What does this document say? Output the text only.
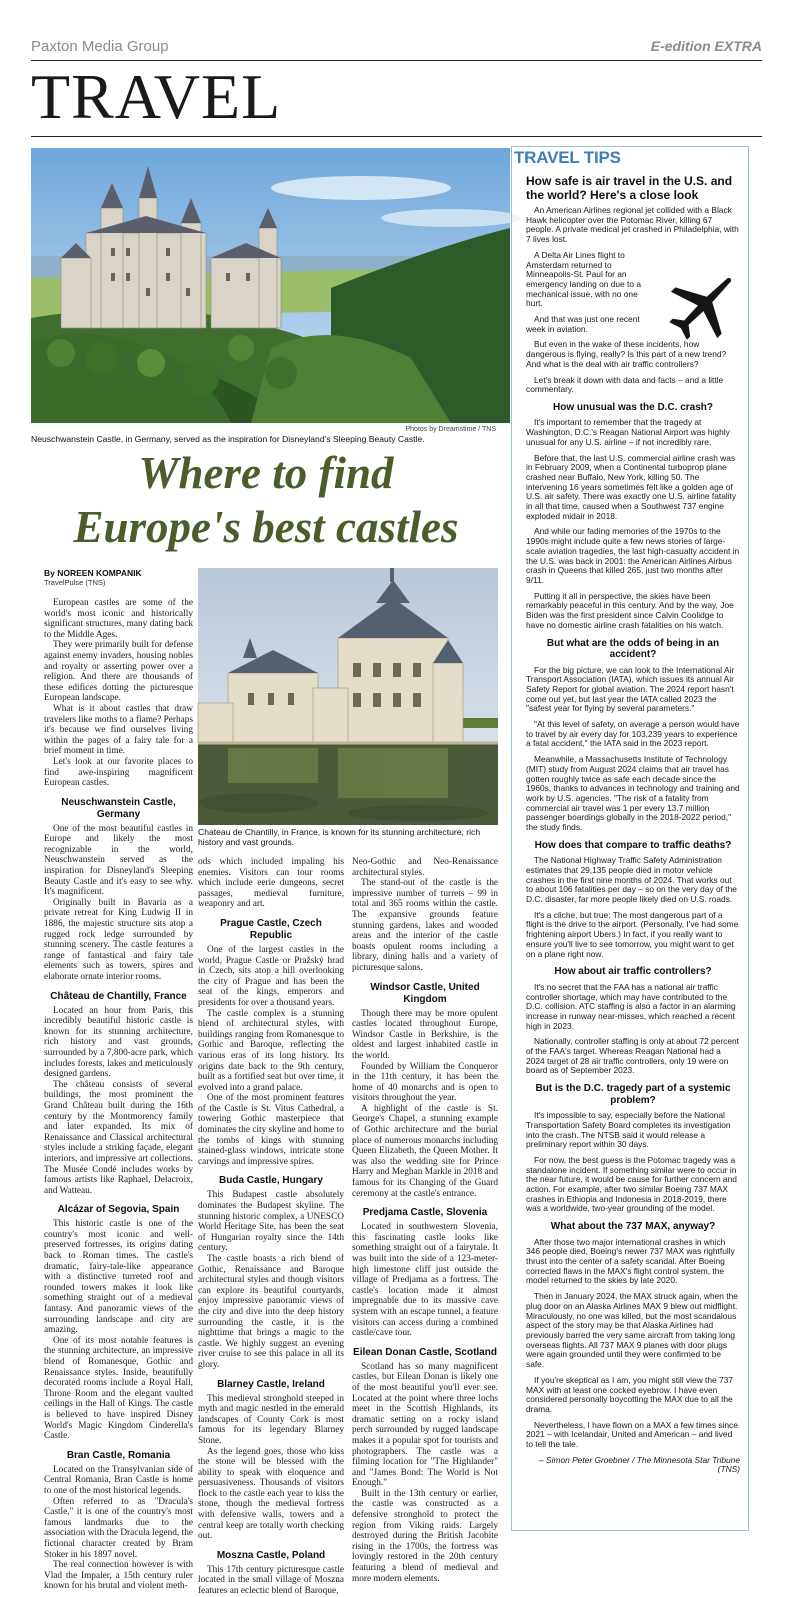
Paxton Media Group	E-edition EXTRA
TRAVEL
Photos by Dreamstime / TNS
Neuschwanstein Castle, in Germany, served as the inspiration for Disneyland's Sleeping Beauty Castle.
Where to find
Europe's best castles
By NOREEN KOMPANIK
TravelPulse (TNS)
Chateau de Chantilly, in France, is known for its stunning architecture, rich history and vast grounds.

European castles are some of the world's most iconic and historically significant structures, many dating back to the Middle Ages.

They were primarily built for defense against enemy invaders, housing nobles and royalty or asserting power over a religion. And there are thousands of these edifices dotting the picturesque European landscape.

What is it about castles that draw travelers like moths to a flame? Perhaps it's because we find ourselves living within the pages of a fairy tale for a brief moment in time.

Let's look at our favorite places to find awe-inspiring magnificent European castles.

Neuschwanstein Castle, Germany

One of the most beautiful castles in Europe and likely the most recognizable in the world, Neuschwanstein served as the inspiration for Disneyland's Sleeping Beauty Castle and it's easy to see why. It's magnificent.

Originally built in Bavaria as a private retreat for King Ludwig II in 1886, the majestic structure sits atop a rugged rock ledge surrounded by stunning scenery. The castle features a range of fantastical and fairy tale elements such as towers, spires and elaborate ornate interior rooms.

Château de Chantilly, France

Located an hour from Paris, this incredibly beautiful historic castle is known for its stunning architecture, rich history and vast grounds, surrounded by a 7,800-acre park, which includes forests, lakes and meticulously designed gardens.

The château consists of several buildings, the most prominent the Grand Château built during the 16th century by the Montmorency family and later expanded. Its mix of Renaissance and Classical architectural styles include a striking façade, elegant interiors, and impressive art collections. The Musée Condé includes works by famous artists like Raphael, Delacroix, and Watteau.

Alcázar of Segovia, Spain

This historic castle is one of the country's most iconic and well-preserved fortresses, its origins dating back to Roman times. The castle's dramatic, fairy-tale-like appearance with a distinctive turreted roof and rounded towers makes it look like something straight out of a medieval fantasy. And panoramic views of the surrounding landscape and city are amazing.

One of its most notable features is the stunning architecture, an impressive blend of Romanesque, Gothic and Renaissance styles. Inside, beautifully decorated rooms include a Royal Hall, Throne Room and the elegant vaulted ceilings in the Hall of Kings. The castle is believed to have inspired Disney World's Magic Kingdom Cinderella's Castle.

Bran Castle, Romania

Located on the Transylvanian side of Central Romania, Bran Castle is home to one of the most historical legends.

Often referred to as "Dracula's Castle," it is one of the country's most famous landmarks due to the association with the Dracula legend, the fictional character created by Bram Stoker in his 1897 novel.

The real connection however is with Vlad the Impaler, a 15th century ruler known for his brutal and violent meth-

ods which included impaling his enemies. Visitors can tour rooms which include eerie dungeons, secret passages, medieval furniture, weaponry and art.

Prague Castle, Czech Republic

One of the largest castles in the world, Prague Castle or Pražský hrad in Czech, sits atop a hill overlooking the city of Prague and has been the seat of the kings, emperors and presidents for over a thousand years.

The castle complex is a stunning blend of architectural styles, with buildings ranging from Romanesque to Gothic and Baroque, reflecting the various eras of its long history. Its origins date back to the 9th century, built as a fortified seat but over time, it evolved into a grand palace.

One of the most prominent features of the Castle is St. Vitus Cathedral, a towering Gothic masterpiece that dominates the city skyline and home to the tombs of kings with stunning stained-glass windows, intricate stone carvings and impressive spires.

Buda Castle, Hungary

This Budapest castle absolutely dominates the Budapest skyline. The stunning historic complex, a UNESCO World Heritage Site, has been the seat of Hungarian royalty since the 14th century.

The castle boasts a rich blend of Gothic, Renaissance and Baroque architectural styles and though visitors can explore its beautiful courtyards, enjoy impressive panoramic views of the city and dive into the deep history surrounding the castle, it is the nighttime that brings a magic to the castle. We highly suggest an evening river cruise to see this palace in all its glory.

Blarney Castle, Ireland

This medieval stronghold steeped in myth and magic nestled in the emerald landscapes of County Cork is most famous for its legendary Blarney Stone.

As the legend goes, those who kiss the stone will be blessed with the ability to speak with eloquence and persuasiveness. Thousands of visitors flock to the castle each year to kiss the stone, though the medieval fortress with defensive walls, towers and a central keep are totally worth checking out.

Moszna Castle, Poland

This 17th century picturesque castle located in the small village of Moszna features an eclectic blend of Baroque,

Neo-Gothic and Neo-Renaissance architectural styles.

The stand-out of the castle is the impressive number of turrets – 99 in total and 365 rooms within the castle. The expansive grounds feature stunning gardens, lakes and wooded areas and the interior of the castle boasts opulent rooms including a library, dining halls and a variety of picturesque salons.

Windsor Castle, United Kingdom

Though there may be more opulent castles located throughout Europe, Windsor Castle in Berkshire, is the oldest and largest inhabited castle in the world.

Founded by William the Conqueror in the 11th century, it has been the home of 40 monarchs and is open to visitors throughout the year.

A highlight of the castle is St. George's Chapel, a stunning example of Gothic architecture and the burial place of numerous monarchs including Queen Elizabeth, the Queen Mother. It was also the wedding site for Prince Harry and Meghan Markle in 2018 and famous for its Changing of the Guard ceremony at the castle's entrance.

Predjama Castle, Slovenia

Located in southwestern Slovenia, this fascinating castle looks like something straight out of a fairytale. It was built into the side of a 123-meter-high limestone cliff just outside the village of Predjama as a fortress. The castle's location made it almost impregnable due to its massive cave system with an escape tunnel, a feature visitors can access during a combined castle/cave tour.

Eilean Donan Castle, Scotland

Scotland has so many magnificent castles, but Eilean Donan is likely one of the most beautiful you'll ever see. Located at the point where three lochs meet in the Scottish Highlands, its dramatic setting on a rocky island perch surrounded by rugged landscape makes it a popular spot for tourists and photographers. The castle was a filming location for "The Highlander" and "James Bond: The World is Not Enough."

Built in the 13th century or earlier, the castle was constructed as a defensive stronghold to protect the region from Viking raids. Largely destroyed during the British Jacobite rising in the 1700s, the fortress was lovingly restored in the 20th century featuring a blend of medieval and more modern elements.

TRAVEL TIPS
How safe is air travel in the U.S. and the world? Here's a close look

An American Airlines regional jet collided with a Black Hawk helicopter over the Potomac River, killing 67 people. A private medical jet crashed in Philadelphia, with 7 lives lost.

A Delta Air Lines flight to Amsterdam returned to Minneapolis-St. Paul for an emergency landing on due to a mechanical issue, with no one hurt.

And that was just one recent week in aviation.

But even in the wake of these incidents, how dangerous is flying, really? Is this part of a new trend? And what is the deal with air traffic controllers?

Let's break it down with data and facts – and a little commentary.

How unusual was the D.C. crash?

It's important to remember that the tragedy at Washington, D.C.'s Reagan National Airport was highly unusual for any U.S. airline – if not incredibly rare.

Before that, the last U.S. commercial airline crash was in February 2009, when a Continental turboprop plane crashed near Buffalo, New York, killing 50. The intervening 16 years sometimes felt like a golden age of U.S. air safety. There was exactly one U.S. airline fatality in all that time, caused when a Southwest 737 engine exploded midair in 2018.

And while our fading memories of the 1970s to the 1990s might include quite a few news stories of large-scale aviation tragedies, the last high-casualty accident in the U.S. was back in 2001: the American Airlines Airbus crash in Queens that killed 265, just two months after 9/11.

Putting it all in perspective, the skies have been remarkably peaceful in this century. And by the way, Joe Biden was the first president since Calvin Coolidge to have no domestic airline crash fatalities on his watch.

But what are the odds of being in an accident?

For the big picture, we can look to the International Air Transport Association (IATA), which issues its annual Air Safety Report for global aviation. The 2024 report hasn't come out yet, but last year the IATA called 2023 the "safest year for flying by several parameters."

"At this level of safety, on average a person would have to travel by air every day for 103,239 years to experience a fatal accident," the IATA said in the 2023 report.

Meanwhile, a Massachusetts Institute of Technology (MIT) study from August 2024 claims that air travel has gotten roughly twice as safe each decade since the 1960s, thanks to advances in technology and training and work by U.S. agencies. "The risk of a fatality from commercial air travel was 1 per every 13.7 million passenger boardings globally in the 2018-2022 period," the study finds.

How does that compare to traffic deaths?

The National Highway Traffic Safety Administration estimates that 29,135 people died in motor vehicle crashes in the first nine months of 2024. That works out to about 106 fatalities per day – so on the very day of the D.C. disaster, far more people likely died on U.S. roads.

It's a cliche, but true: The most dangerous part of a flight is the drive to the airport. (Personally, I've had some frightening airport Ubers.) In fact, if you really want to ensure you'll live to see tomorrow, you might want to get on a plane right now.

How about air traffic controllers?

It's no secret that the FAA has a national air traffic controller shortage, which may have contributed to the D.C. collision. ATC staffing is also a factor in an alarming increase in runway near-misses, which reached a recent high in 2023.

Nationally, controller staffing is only at about 72 percent of the FAA's target. Whereas Reagan National had a 2024 target of 28 air traffic controllers, only 19 were on board as of September 2023.

But is the D.C. tragedy part of a systemic problem?

It's impossible to say, especially before the National Transportation Safety Board completes its investigation into the crash. The NTSB said it would release a preliminary report within 30 days.

For now, the best guess is the Potomac tragedy was a standalone incident. If something similar were to occur in the near future, it would be cause for further concern and action. For example, after two similar Boeing 737 MAX crashes in Ethiopia and Indonesia in 2018-2019, there was a worldwide, two-year grounding of the model.

What about the 737 MAX, anyway?

After those two major international crashes in which 346 people died, Boeing's newer 737 MAX was rightfully thrust into the center of a safety scandal. After Boeing corrected flaws in the MAX's flight control system, the model returned to the skies by late 2020.

Then in January 2024, the MAX struck again, when the plug door on an Alaska Airlines MAX 9 blew out midflight. Miraculously, no one was killed, but the most scandalous aspect of the story may be that Alaska Airlines had previously barred the very same aircraft from taking long overseas flights. All 737 MAX 9 planes with door plugs were again grounded until they were confirmed to be safe.

If you're skeptical as I am, you might still view the 737 MAX with at least one cocked eyebrow. I have even considered personally boycotting the MAX due to all the drama.

Nevertheless, I have flown on a MAX a few times since 2021 – with Icelandair, United and American – and lived to tell the tale.

– Simon Peter Groebner / The Minnesota Star Tribune (TNS)
